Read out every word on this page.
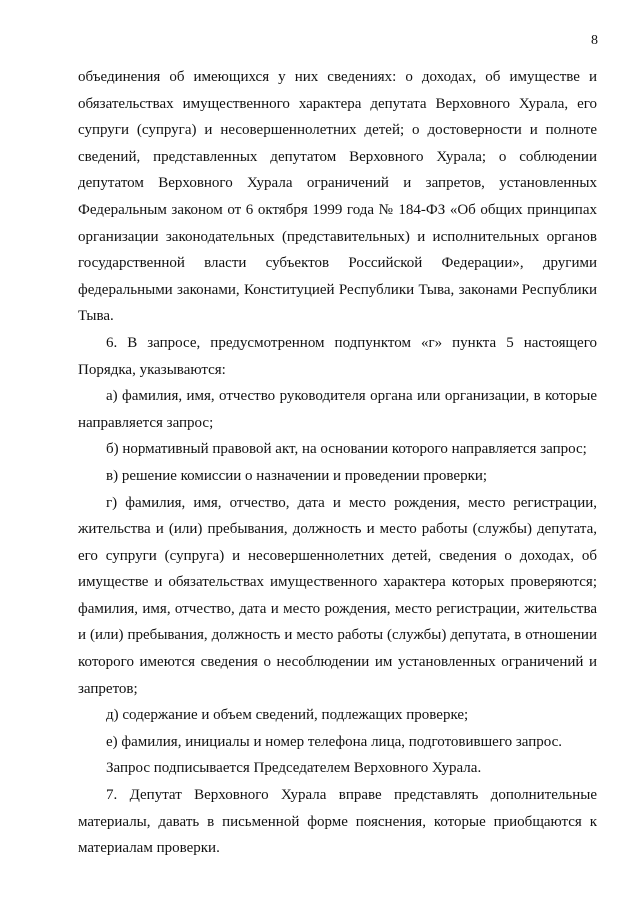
8

объединения об имеющихся у них сведениях: о доходах, об имуществе и обязательствах имущественного характера депутата Верховного Хурала, его супруги (супруга) и несовершеннолетних детей; о достоверности и полноте сведений, представленных депутатом Верховного Хурала; о соблюдении депутатом Верховного Хурала ограничений и запретов, установленных Федеральным законом от 6 октября 1999 года № 184-ФЗ «Об общих принципах организации законодательных (представительных) и исполнительных органов государственной власти субъектов Российской Федерации», другими федеральными законами, Конституцией Республики Тыва, законами Республики Тыва.

6. В запросе, предусмотренном подпунктом «г» пункта 5 настоящего Порядка, указываются:

а) фамилия, имя, отчество руководителя органа или организации, в которые направляется запрос;

б) нормативный правовой акт, на основании которого направляется запрос;

в) решение комиссии о назначении и проведении проверки;

г) фамилия, имя, отчество, дата и место рождения, место регистрации, жительства и (или) пребывания, должность и место работы (службы) депутата, его супруги (супруга) и несовершеннолетних детей, сведения о доходах, об имуществе и обязательствах имущественного характера которых проверяются; фамилия, имя, отчество, дата и место рождения, место регистрации, жительства и (или) пребывания, должность и место работы (службы) депутата, в отношении которого имеются сведения о несоблюдении им установленных ограничений и запретов;

д) содержание и объем сведений, подлежащих проверке;

е) фамилия, инициалы и номер телефона лица, подготовившего запрос.

Запрос подписывается Председателем Верховного Хурала.

7. Депутат Верховного Хурала вправе представлять дополнительные материалы, давать в письменной форме пояснения, которые приобщаются к материалам проверки.
